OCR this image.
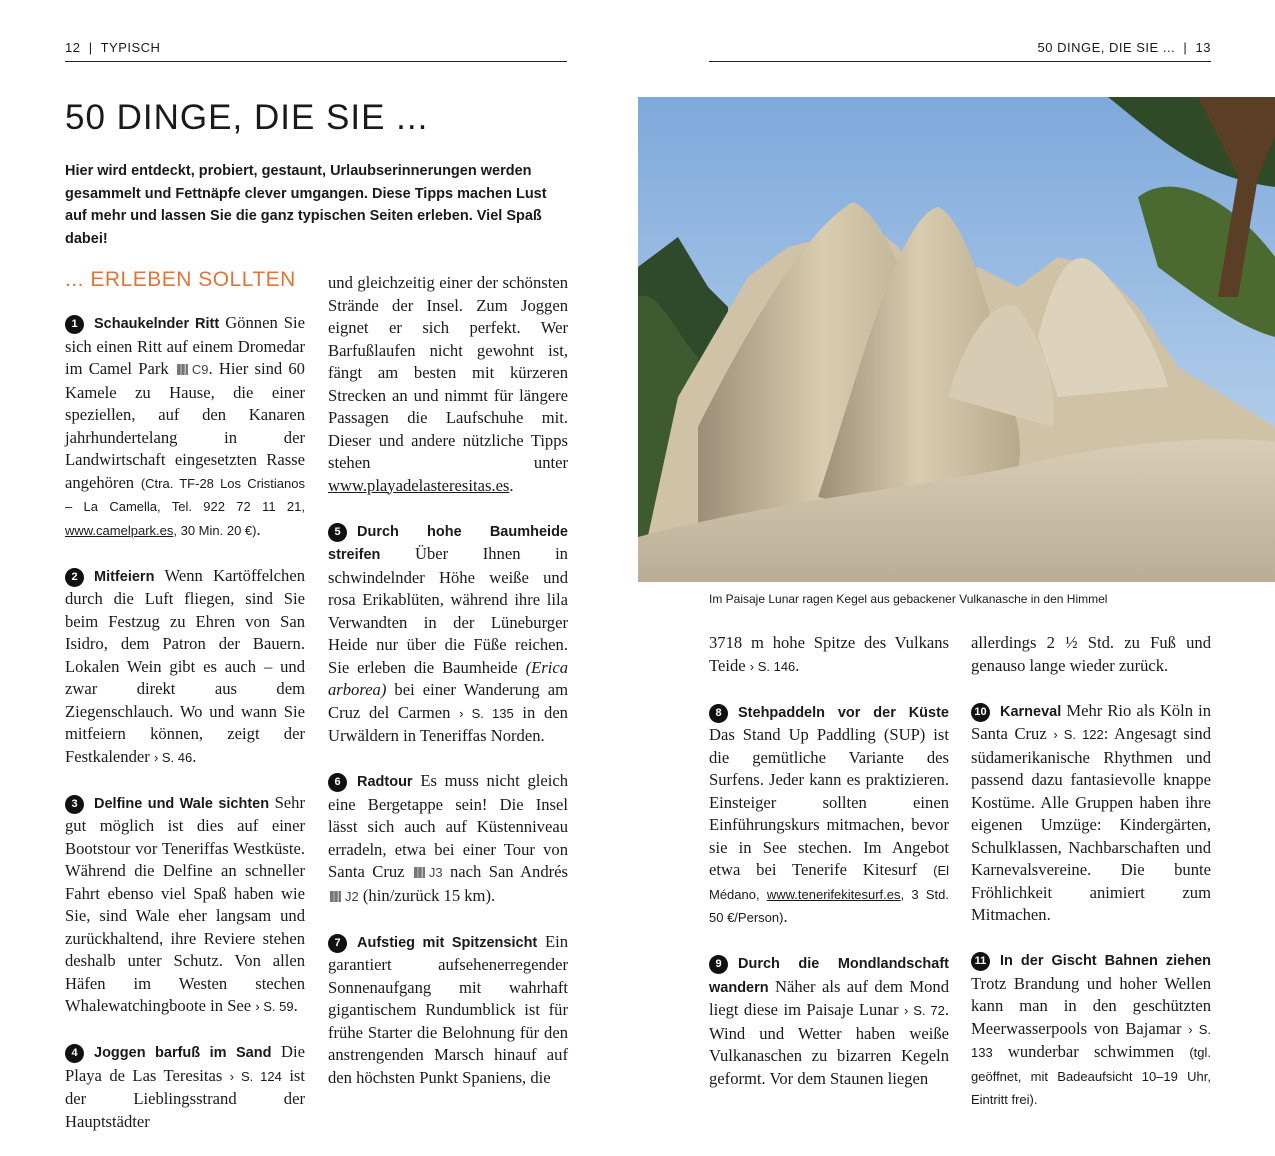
12 | TYPISCH	50 DINGE, DIE SIE ... | 13
50 DINGE, DIE SIE ...

Hier wird entdeckt, probiert, gestaunt, Urlaubserinnerungen werden gesammelt und Fettnäpfe clever umgangen. Diese Tipps machen Lust auf mehr und lassen Sie die ganz typischen Seiten erleben. Viel Spaß dabei!

... ERLEBEN SOLLTEN

1 Schaukelnder Ritt Gönnen Sie sich einen Ritt auf einem Dromedar im Camel Park C9. Hier sind 60 Kamele zu Hause, die einer speziellen, auf den Kanaren jahrhundertelang in der Landwirtschaft eingesetzten Rasse angehören (Ctra. TF-28 Los Cristianos – La Camella, Tel. 922 72 11 21, www.camelpark.es, 30 Min. 20 €).

2 Mitfeiern Wenn Kartöffelchen durch die Luft fliegen, sind Sie beim Festzug zu Ehren von San Isidro, dem Patron der Bauern. Lokalen Wein gibt es auch – und zwar direkt aus dem Ziegenschlauch. Wo und wann Sie mitfeiern können, zeigt der Festkalender › S. 46.

3 Delfine und Wale sichten Sehr gut möglich ist dies auf einer Bootstour vor Teneriffas Westküste. Während die Delfine an schneller Fahrt ebenso viel Spaß haben wie Sie, sind Wale eher langsam und zurückhaltend, ihre Reviere stehen deshalb unter Schutz. Von allen Häfen im Westen stechen Whalewatchingboote in See › S. 59.

4 Joggen barfuß im Sand Die Playa de Las Teresitas › S. 124 ist der Lieblingsstrand der Hauptstädter

und gleichzeitig einer der schönsten Strände der Insel. Zum Joggen eignet er sich perfekt. Wer Barfußlaufen nicht gewohnt ist, fängt am besten mit kürzeren Strecken an und nimmt für längere Passagen die Laufschuhe mit. Dieser und andere nützliche Tipps stehen unter www.playadelasteresitas.es.

5 Durch hohe Baumheide streifen Über Ihnen in schwindelnder Höhe weiße und rosa Erikablüten, während ihre lila Verwandten in der Lüneburger Heide nur über die Füße reichen. Sie erleben die Baumheide (Erica arborea) bei einer Wanderung am Cruz del Carmen › S. 135 in den Urwäldern in Teneriffas Norden.

6 Radtour Es muss nicht gleich eine Bergetappe sein! Die Insel lässt sich auch auf Küstenniveau erradeln, etwa bei einer Tour von Santa Cruz J3 nach San Andrés J2 (hin/zurück 15 km).

7 Aufstieg mit Spitzensicht Ein garantiert aufsehenerregender Sonnenaufgang mit wahrhaft gigantischem Rundumblick ist für frühe Starter die Belohnung für den anstrengenden Marsch hinauf auf den höchsten Punkt Spaniens, die

3718 m hohe Spitze des Vulkans Teide › S. 146.

8 Stehpaddeln vor der Küste Das Stand Up Paddling (SUP) ist die gemütliche Variante des Surfens. Jeder kann es praktizieren. Einsteiger sollten einen Einführungskurs mitmachen, bevor sie in See stechen. Im Angebot etwa bei Tenerife Kitesurf (El Médano, www.tenerifekitesurf.es, 3 Std. 50 €/Person).

9 Durch die Mondlandschaft wandern Näher als auf dem Mond liegt diese im Paisaje Lunar › S. 72. Wind und Wetter haben weiße Vulkanaschen zu bizarren Kegeln geformt. Vor dem Staunen liegen

allerdings 2 ½ Std. zu Fuß und genauso lange wieder zurück.

10 Karneval Mehr Rio als Köln in Santa Cruz › S. 122: Angesagt sind südamerikanische Rhythmen und passend dazu fantasievolle knappe Kostüme. Alle Gruppen haben ihre eigenen Umzüge: Kindergärten, Schulklassen, Nachbarschaften und Karnevalsvereine. Die bunte Fröhlichkeit animiert zum Mitmachen.

11 In der Gischt Bahnen ziehen Trotz Brandung und hoher Wellen kann man in den geschützten Meerwasserpools von Bajamar › S. 133 wunderbar schwimmen (tgl. geöffnet, mit Badeaufsicht 10–19 Uhr, Eintritt frei).

Im Paisaje Lunar ragen Kegel aus gebackener Vulkanasche in den Himmel
